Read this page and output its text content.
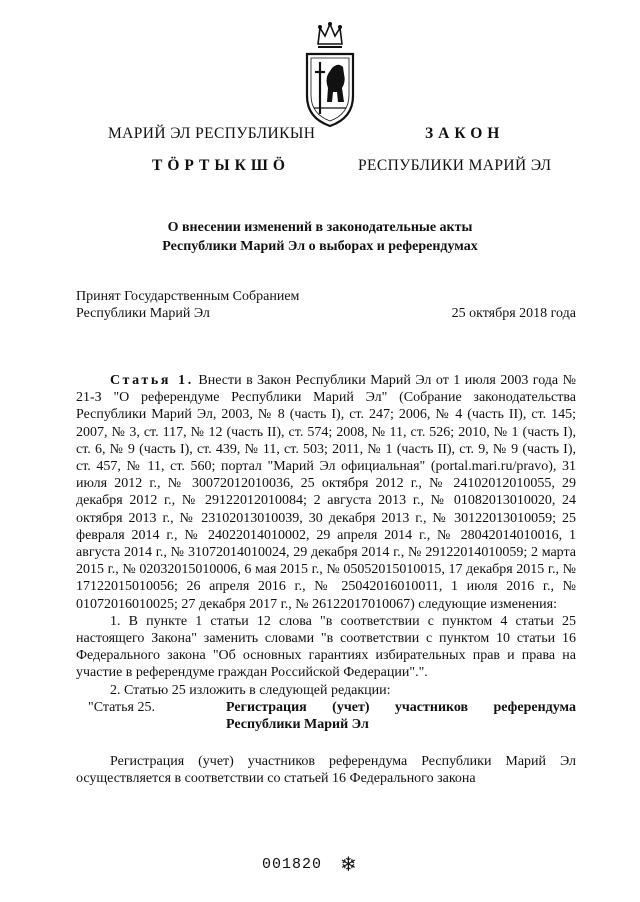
МАРИЙ ЭЛ РЕСПУБЛИКЫН
ТӦРТЫКШӦ
ЗАКОН
РЕСПУБЛИКИ МАРИЙ ЭЛ
О внесении изменений в законодательные акты
Республики Марий Эл о выборах и референдумах
Принят Государственным Собранием
Республики Марий Эл	25 октября 2018 года

Статья 1. Внести в Закон Республики Марий Эл от 1 июля 2003 года № 21-З "О референдуме Республики Марий Эл" (Собрание законодательства Республики Марий Эл, 2003, № 8 (часть I), ст. 247; 2006, № 4 (часть II), ст. 145; 2007, № 3, ст. 117, № 12 (часть II), ст. 574; 2008, № 11, ст. 526; 2010, № 1 (часть I), ст. 6, № 9 (часть I), ст. 439, № 11, ст. 503; 2011, № 1 (часть II), ст. 9, № 9 (часть I), ст. 457, № 11, ст. 560; портал "Марий Эл официальная" (portal.mari.ru/pravo), 31 июля 2012 г., № 30072012010036, 25 октября 2012 г., № 24102012010055, 29 декабря 2012 г., № 29122012010084; 2 августа 2013 г., № 01082013010020, 24 октября 2013 г., № 23102013010039, 30 декабря 2013 г., № 30122013010059; 25 февраля 2014 г., № 24022014010002, 29 апреля 2014 г., № 28042014010016, 1 августа 2014 г., № 31072014010024, 29 декабря 2014 г., № 29122014010059; 2 марта 2015 г., № 02032015010006, 6 мая 2015 г., № 05052015010015, 17 декабря 2015 г., № 17122015010056; 26 апреля 2016 г., № 25042016010011, 1 июля 2016 г., № 01072016010025; 27 декабря 2017 г., № 26122017010067) следующие изменения:

1. В пункте 1 статьи 12 слова "в соответствии с пунктом 4 статьи 25 настоящего Закона" заменить словами "в соответствии с пунктом 10 статьи 16 Федерального закона "Об основных гарантиях избирательных прав и права на участие в референдуме граждан Российской Федерации".".

2. Статью 25 изложить в следующей редакции:

"Статья 25.	Регистрация (учет) участников референдума
Республики Марий Эл

Регистрация (учет) участников референдума Республики Марий Эл осуществляется в соответствии со статьей 16 Федерального закона

001820 ❄
